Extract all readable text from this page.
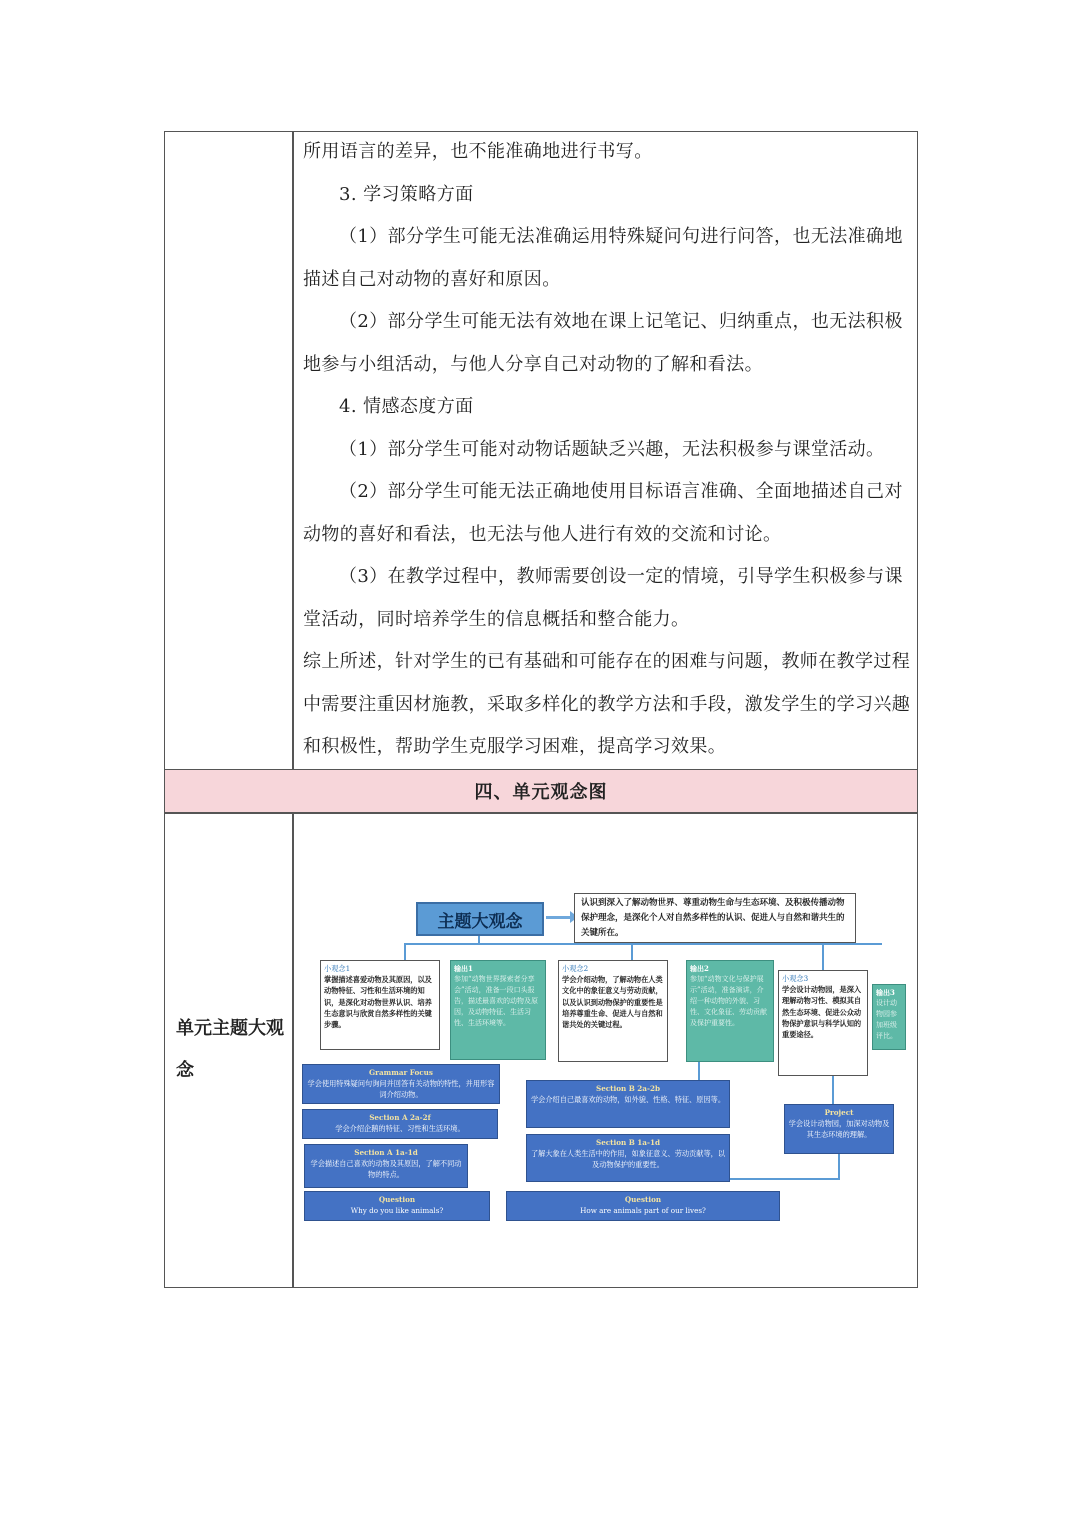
所用语言的差异，也不能准确地进行书写。

3. 学习策略方面

（1）部分学生可能无法准确运用特殊疑问句进行问答，也无法准确地描述自己对动物的喜好和原因。

（2）部分学生可能无法有效地在课上记笔记、归纳重点，也无法积极地参与小组活动，与他人分享自己对动物的了解和看法。

4. 情感态度方面

（1）部分学生可能对动物话题缺乏兴趣，无法积极参与课堂活动。

（2）部分学生可能无法正确地使用目标语言准确、全面地描述自己对动物的喜好和看法，也无法与他人进行有效的交流和讨论。

（3）在教学过程中，教师需要创设一定的情境，引导学生积极参与课堂活动，同时培养学生的信息概括和整合能力。

综上所述，针对学生的已有基础和可能存在的困难与问题，教师在教学过程中需要注重因材施教，采取多样化的教学方法和手段，激发学生的学习兴趣和积极性，帮助学生克服学习困难，提高学习效果。

四、单元观念图
单元主题大观念
主题大观念
认识到深入了解动物世界、尊重动物生命与生态环境、及积极传播动物保护理念，是深化个人对自然多样性的认识、促进人与自然和谐共生的关键所在。
小观念1
掌握描述喜爱动物及其原因，以及动物特征、习性和生活环境的知识，是深化对动物世界认识、培养生态意识与欣赏自然多样性的关键步骤。
输出1
参加“动物世界探索者分享会”活动，准备一段口头报告，描述最喜欢的动物及原因，及动物特征、生活习性、生活环境等。
小观念2
学会介绍动物，了解动物在人类文化中的象征意义与劳动贡献，以及认识到动物保护的重要性是培养尊重生命、促进人与自然和谐共处的关键过程。
输出2
参加“动物文化与保护展示”活动，准备演讲，介绍一种动物的外貌、习性、文化象征、劳动贡献及保护重要性。
小观念3
学会设计动物园，是深入理解动物习性、模拟其自然生态环境、促进公众动物保护意识与科学认知的重要途径。
输出3
设计动物园参加班级评比。
Grammar Focus
学会使用特殊疑问句询问并回答有关动物的特性，并用形容词介绍动物。
Section A 2a-2f
学会介绍企鹅的特征、习性和生活环境。
Section A 1a-1d
学会描述自己喜欢的动物及其原因，了解不同动物的特点。
Question
Why do you like animals?
Section B 2a-2b
学会介绍自己最喜欢的动物，如外貌、性格、特征、原因等。
Section B 1a-1d
了解大象在人类生活中的作用，如象征意义、劳动贡献等，以及动物保护的重要性。
Question
How are animals part of our lives?
Project
学会设计动物园，加深对动物及其生态环境的理解。
